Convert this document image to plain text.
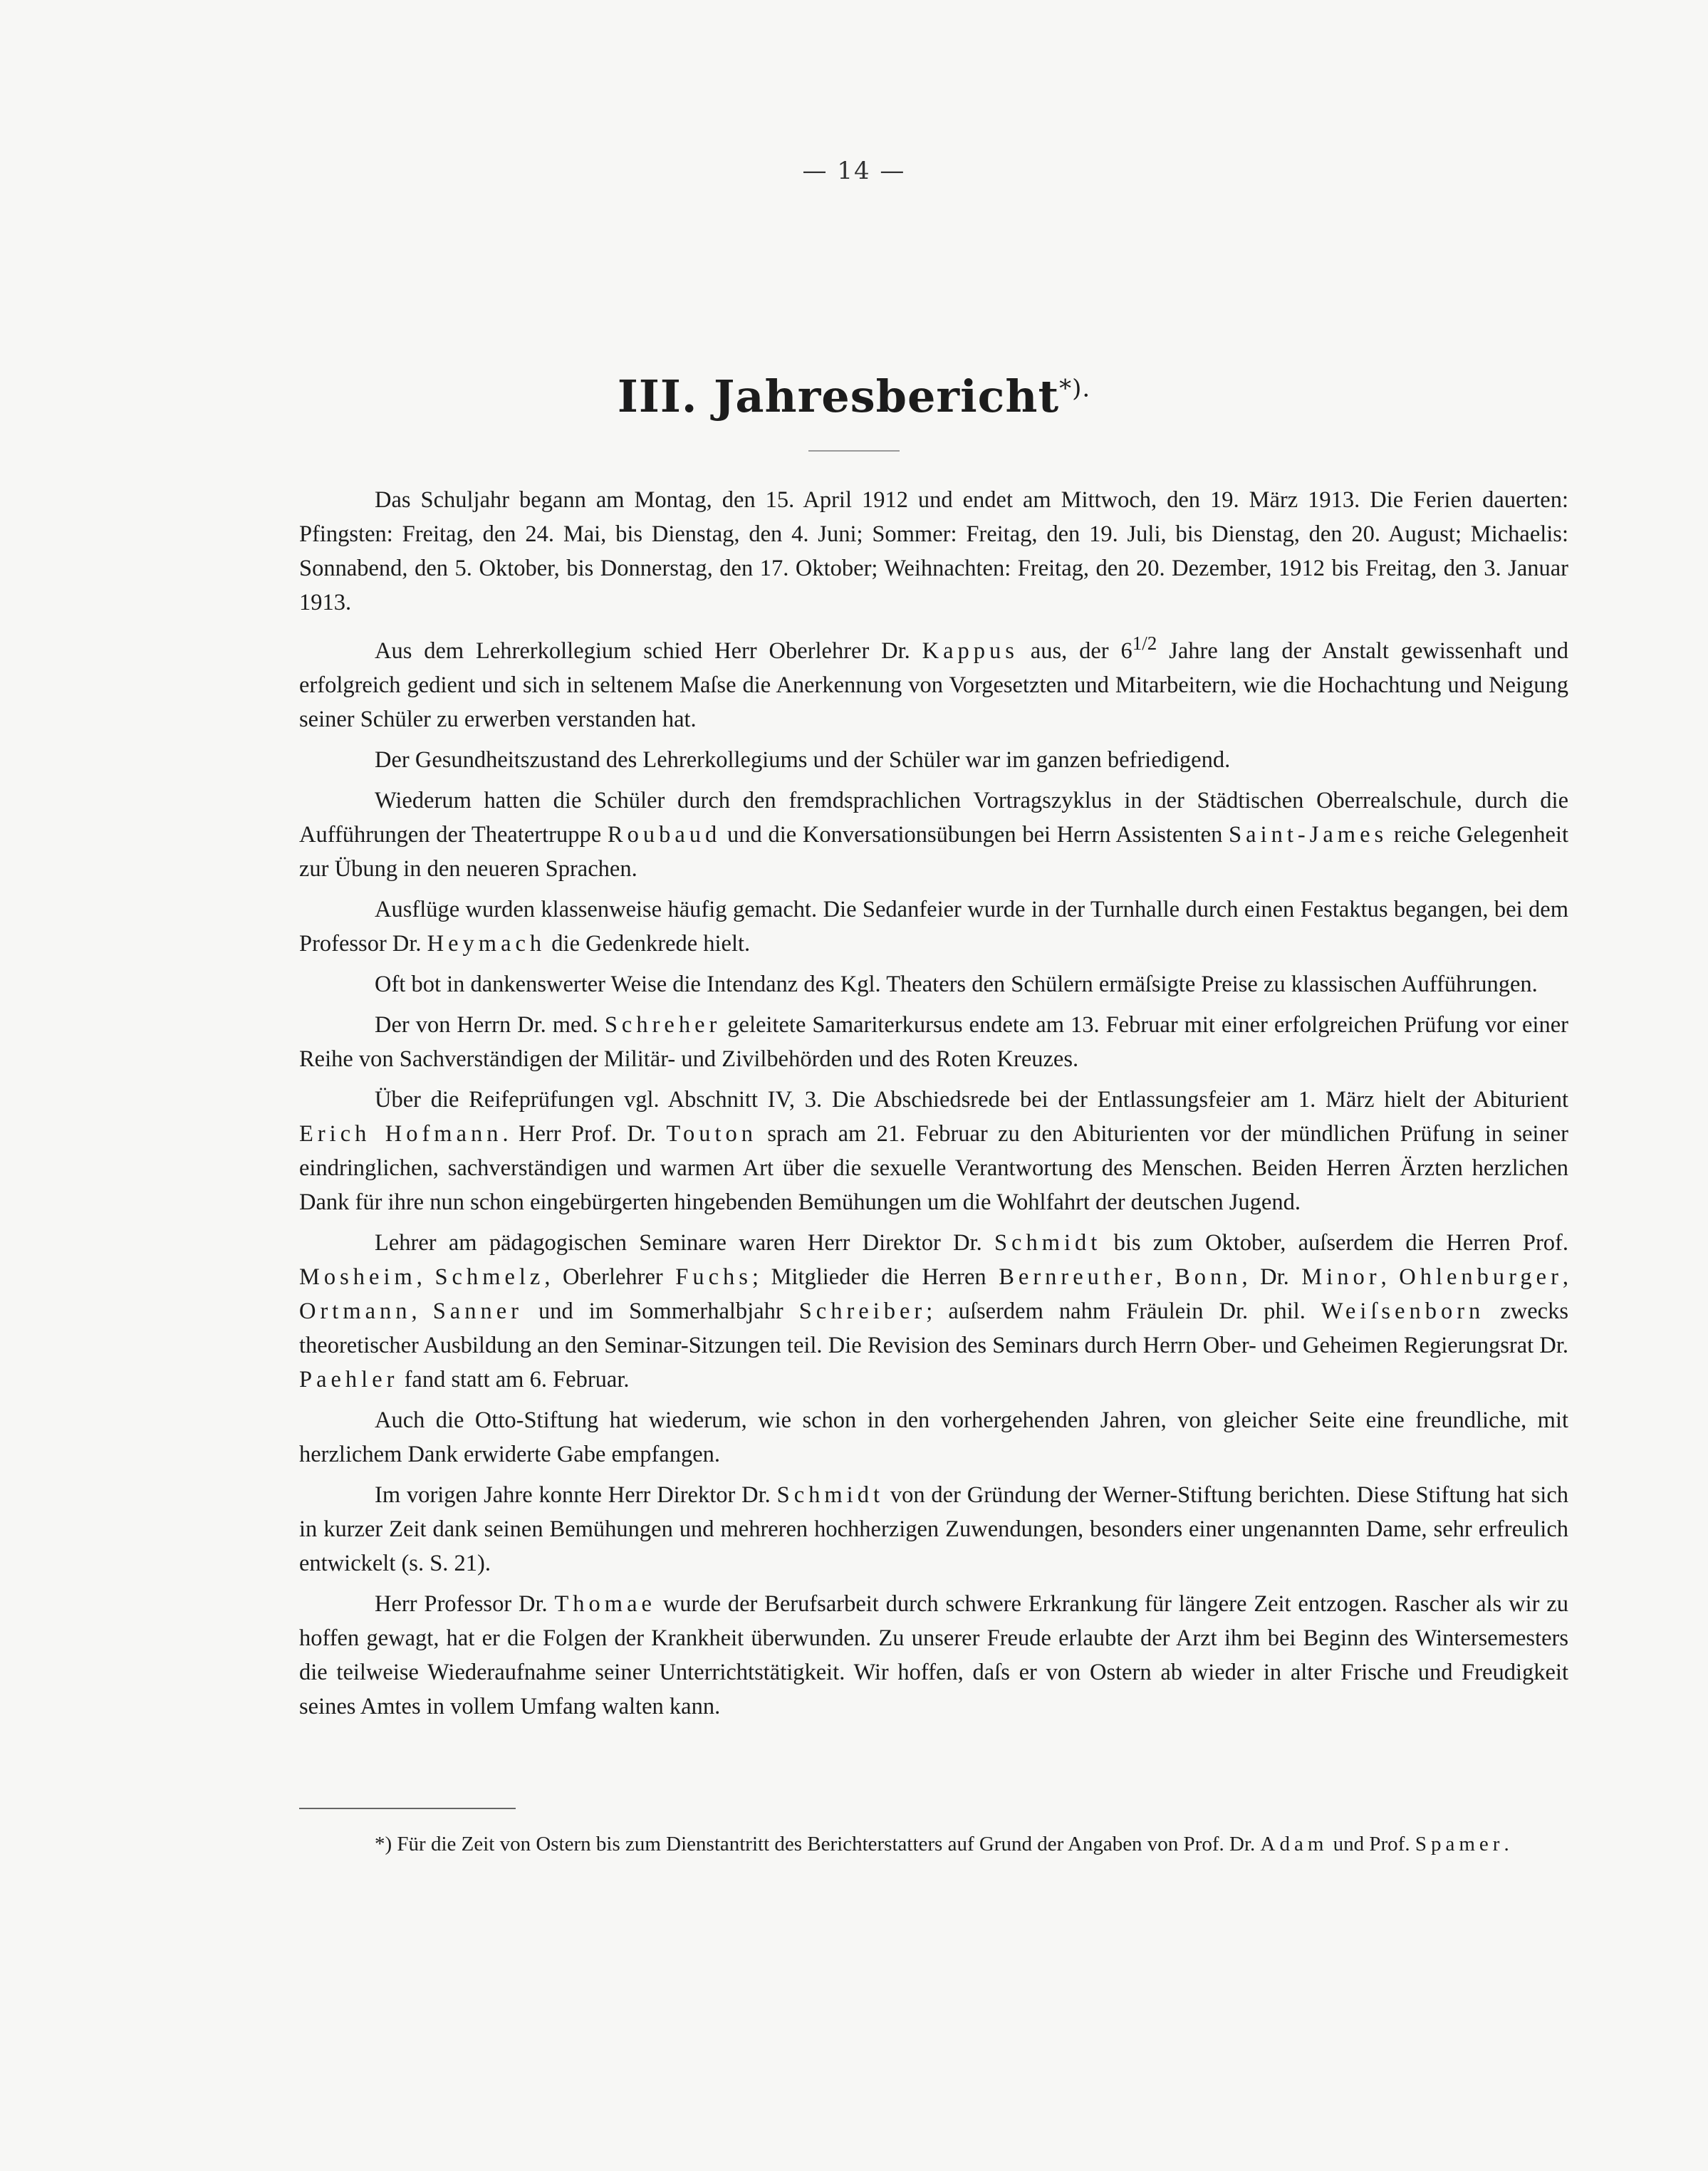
— 14 —
III. Jahresbericht*).

Das Schuljahr begann am Montag, den 15. April 1912 und endet am Mittwoch, den 19. März 1913. Die Ferien dauerten: Pfingsten: Freitag, den 24. Mai, bis Dienstag, den 4. Juni; Sommer: Freitag, den 19. Juli, bis Dienstag, den 20. August; Michaelis: Sonnabend, den 5. Oktober, bis Donnerstag, den 17. Oktober; Weihnachten: Freitag, den 20. Dezember, 1912 bis Freitag, den 3. Januar 1913.

Aus dem Lehrerkollegium schied Herr Oberlehrer Dr. Kappus aus, der $6^{1/2}$ Jahre lang der Anstalt gewissenhaft und erfolgreich gedient und sich in seltenem Maſse die Anerkennung von Vorgesetzten und Mitarbeitern, wie die Hochachtung und Neigung seiner Schüler zu erwerben verstanden hat.

Der Gesundheitszustand des Lehrerkollegiums und der Schüler war im ganzen befriedigend.

Wiederum hatten die Schüler durch den fremdsprachlichen Vortragszyklus in der Städtischen Oberrealschule, durch die Aufführungen der Theatertruppe Roubaud und die Konversationsübungen bei Herrn Assistenten Saint-James reiche Gelegenheit zur Übung in den neueren Sprachen.

Ausflüge wurden klassenweise häufig gemacht. Die Sedanfeier wurde in der Turnhalle durch einen Festaktus begangen, bei dem Professor Dr. Heymach die Gedenkrede hielt.

Oft bot in dankenswerter Weise die Intendanz des Kgl. Theaters den Schülern ermäſsigte Preise zu klassischen Aufführungen.

Der von Herrn Dr. med. Schreher geleitete Samariterkursus endete am 13. Februar mit einer erfolgreichen Prüfung vor einer Reihe von Sachverständigen der Militär- und Zivilbehörden und des Roten Kreuzes.

Über die Reifeprüfungen vgl. Abschnitt IV, 3. Die Abschiedsrede bei der Entlassungsfeier am 1. März hielt der Abiturient Erich Hofmann. Herr Prof. Dr. Touton sprach am 21. Februar zu den Abiturienten vor der mündlichen Prüfung in seiner eindringlichen, sachverständigen und warmen Art über die sexuelle Verantwortung des Menschen. Beiden Herren Ärzten herzlichen Dank für ihre nun schon eingebürgerten hingebenden Bemühungen um die Wohlfahrt der deutschen Jugend.

Lehrer am pädagogischen Seminare waren Herr Direktor Dr. Schmidt bis zum Oktober, auſserdem die Herren Prof. Mosheim, Schmelz, Oberlehrer Fuchs; Mitglieder die Herren Bernreuther, Bonn, Dr. Minor, Ohlenburger, Ortmann, Sanner und im Sommerhalbjahr Schreiber; auſserdem nahm Fräulein Dr. phil. Weiſsenborn zwecks theoretischer Ausbildung an den Seminar-Sitzungen teil. Die Revision des Seminars durch Herrn Ober- und Geheimen Regierungsrat Dr. Paehler fand statt am 6. Februar.

Auch die Otto-Stiftung hat wiederum, wie schon in den vorhergehenden Jahren, von gleicher Seite eine freundliche, mit herzlichem Dank erwiderte Gabe empfangen.

Im vorigen Jahre konnte Herr Direktor Dr. Schmidt von der Gründung der Werner-Stiftung berichten. Diese Stiftung hat sich in kurzer Zeit dank seinen Bemühungen und mehreren hochherzigen Zuwendungen, besonders einer ungenannten Dame, sehr erfreulich entwickelt (s. S. 21).

Herr Professor Dr. Thomae wurde der Berufsarbeit durch schwere Erkrankung für längere Zeit entzogen. Rascher als wir zu hoffen gewagt, hat er die Folgen der Krankheit überwunden. Zu unserer Freude erlaubte der Arzt ihm bei Beginn des Wintersemesters die teilweise Wiederaufnahme seiner Unterrichtstätigkeit. Wir hoffen, daſs er von Ostern ab wieder in alter Frische und Freudigkeit seines Amtes in vollem Umfang walten kann.

*) Für die Zeit von Ostern bis zum Dienstantritt des Berichterstatters auf Grund der Angaben von Prof. Dr. Adam und Prof. Spamer.
